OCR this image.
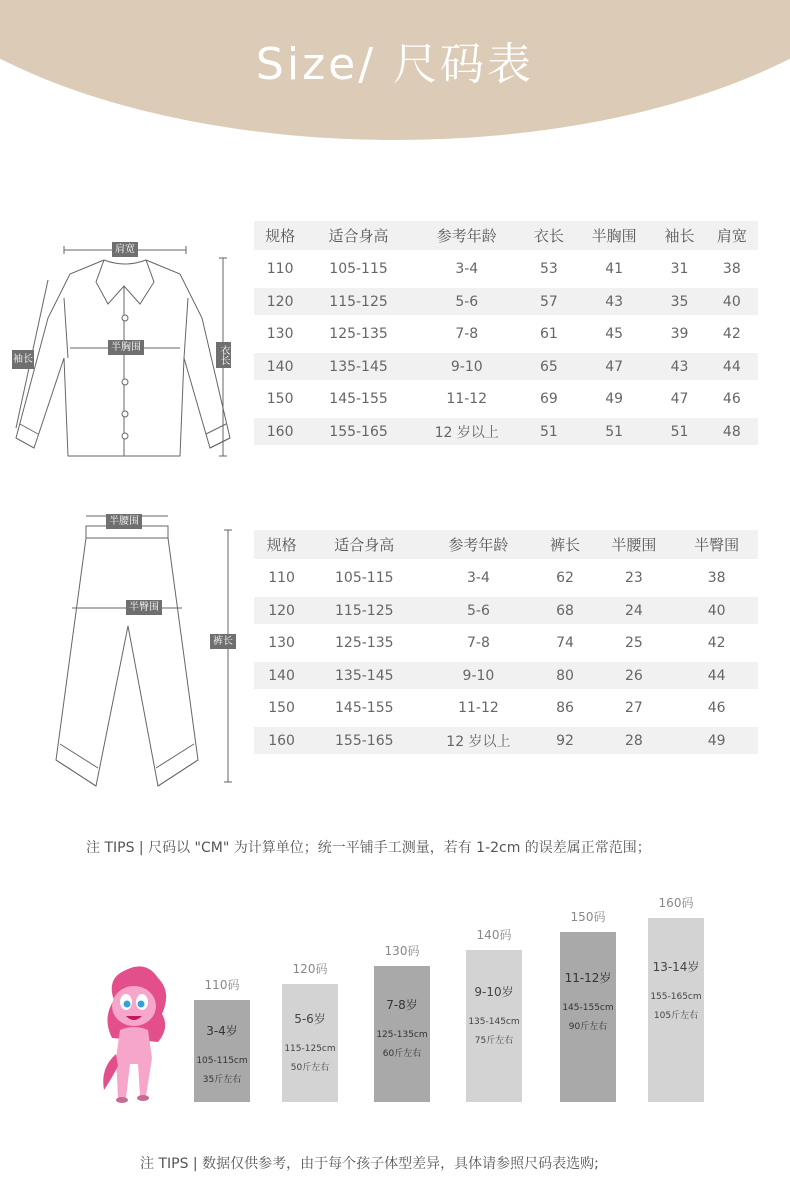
Size/ 尺码表
肩宽
半胸围
袖长	衣长
规格	适合身高	参考年龄	衣长	半胸围	袖长	肩宽
110	105-115	3-4	53	41	31	38
120	115-125	5-6	57	43	35	40
130	125-135	7-8	61	45	39	42
140	135-145	9-10	65	47	43	44
150	145-155	11-12	69	49	47	46
160	155-165	12 岁以上	51	51	51	48
半腰围
半臀围
裤长
规格	适合身高	参考年龄	裤长	半腰围	半臀围
110	105-115	3-4	62	23	38
120	115-125	5-6	68	24	40
130	125-135	7-8	74	25	42
140	135-145	9-10	80	26	44
150	145-155	11-12	86	27	46
160	155-165	12 岁以上	92	28	49
注 TIPS | 尺码以 "CM" 为计算单位；统一平铺手工测量，若有 1-2cm 的误差属正常范围；
3-4岁
105-115cm
35斤左右
110码
5-6岁
115-125cm
50斤左右
120码
7-8岁
125-135cm
60斤左右
130码
9-10岁
135-145cm
75斤左右
140码
11-12岁
145-155cm
90斤左右
150码
13-14岁
155-165cm
105斤左右
160码
注 TIPS | 数据仅供参考，由于每个孩子体型差异，具体请参照尺码表选购;
